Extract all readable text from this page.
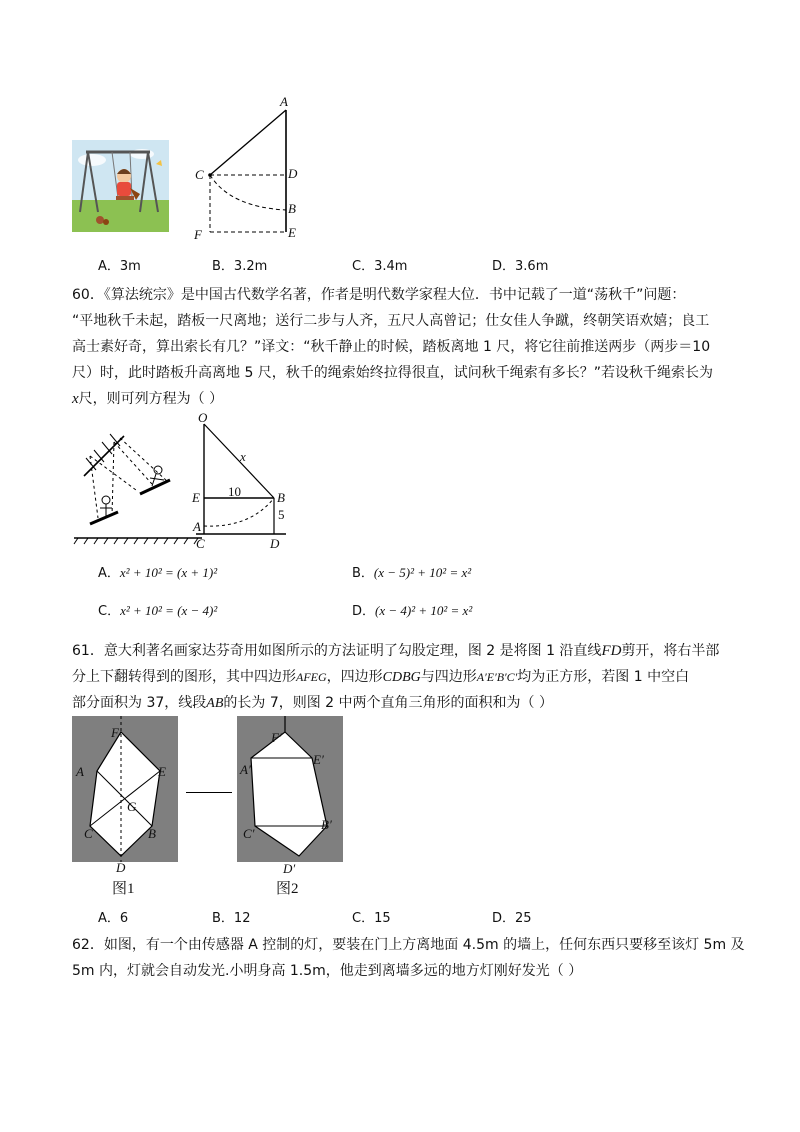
A
C	D
B
F	E
A．3m	B．3.2m	C．3.4m	D．3.6m
60．《算法统宗》是中国古代数学名著，作者是明代数学家程大位．书中记载了一道“荡秋千”问题：
“平地秋千未起，踏板一尺离地；送行二步与人齐，五尺人高曾记；仕女佳人争蹴，终朝笑语欢嬉；良工
高士素好奇，算出索长有几？”译文：“秋千静止的时候，踏板离地 1 尺，将它往前推送两步（两步＝10
尺）时，此时踏板升高离地 5 尺，秋千的绳索始终拉得很直，试问秋千绳索有多长？”若设秋千绳索长为
x尺，则可列方程为（ ）
O
x
E 10	B
5
A
C	D
A．x² + 10² = (x + 1)²	B．(x − 5)² + 10² = x²
C．x² + 10² = (x − 4)²	D．(x − 4)² + 10² = x²
61．意大利著名画家达芬奇用如图所示的方法证明了勾股定理，图 2 是将图 1 沿直线FD剪开，将右半部
分上下翻转得到的图形，其中四边形AFEG，四边形CDBG与四边形A′E′B′C′均为正方形，若图 1 中空白
部分面积为 37，线段AB的长为 7，则图 2 中两个直角三角形的面积和为（ ）
F
A	E
G
C	B
D
图1
F′
A′
E′
C′
B′
D′
图2
A．6	B．12	C．15	D．25
62．如图，有一个由传感器 A 控制的灯，要装在门上方离地面 4.5m 的墙上，任何东西只要移至该灯 5m 及
5m 内，灯就会自动发光.小明身高 1.5m，他走到离墙多远的地方灯刚好发光（ ）
